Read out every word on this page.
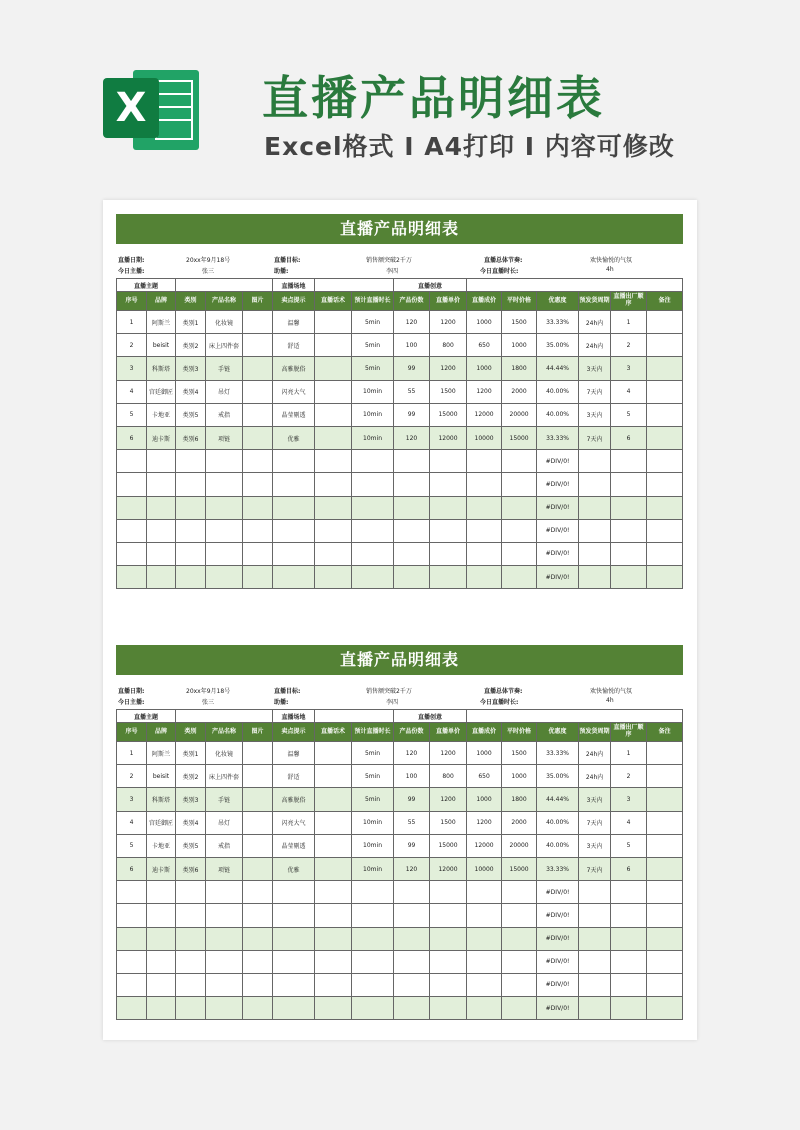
X	直播产品明细表
Excel格式 I A4打印 I 内容可修改
直播产品明细表
直播日期:	20xx年9月18号	直播目标:	销售额突破2千万	直播总体节奏:	欢快愉悦的气氛
今日主播:	张三	助播:	李四	今日直播时长:	4h
直播主题					直播场地			直播创意							
序号	品牌	类别	产品名称	图片	卖点提示	直播话术	预计直播时长	产品份数	直播单价	直播成价	平时价格	优惠度	预发货周期	直播出厂顺序	备注
1	阿斯兰	类别1	化妆镜		温馨		5min	120	1200	1000	1500	33.33%	24h内	1	
2	beisit	类别2	床上四件套		舒适		5min	100	800	650	1000	35.00%	24h内	2	
3	科斯塔	类别3	手链		高雅脱俗		5min	99	1200	1000	1800	44.44%	3天内	3	
4	宫廷御匠	类别4	吊灯		闪亮大气		10min	55	1500	1200	2000	40.00%	7天内	4	
5	卡地亚	类别5	戒指		晶莹剔透		10min	99	15000	12000	20000	40.00%	3天内	5	
6	迪卡斯	类别6	项链		优雅		10min	120	12000	10000	15000	33.33%	7天内	6	
												#DIV/0!			
												#DIV/0!			
												#DIV/0!			
												#DIV/0!			
												#DIV/0!			
												#DIV/0!			
直播产品明细表
直播日期:	20xx年9月18号	直播目标:	销售额突破2千万	直播总体节奏:	欢快愉悦的气氛
今日主播:	张三	助播:	李四	今日直播时长:	4h
直播主题					直播场地			直播创意							
序号	品牌	类别	产品名称	图片	卖点提示	直播话术	预计直播时长	产品份数	直播单价	直播成价	平时价格	优惠度	预发货周期	直播出厂顺序	备注
1	阿斯兰	类别1	化妆镜		温馨		5min	120	1200	1000	1500	33.33%	24h内	1	
2	beisit	类别2	床上四件套		舒适		5min	100	800	650	1000	35.00%	24h内	2	
3	科斯塔	类别3	手链		高雅脱俗		5min	99	1200	1000	1800	44.44%	3天内	3	
4	宫廷御匠	类别4	吊灯		闪亮大气		10min	55	1500	1200	2000	40.00%	7天内	4	
5	卡地亚	类别5	戒指		晶莹剔透		10min	99	15000	12000	20000	40.00%	3天内	5	
6	迪卡斯	类别6	项链		优雅		10min	120	12000	10000	15000	33.33%	7天内	6	
												#DIV/0!			
												#DIV/0!			
												#DIV/0!			
												#DIV/0!			
												#DIV/0!			
												#DIV/0!			
